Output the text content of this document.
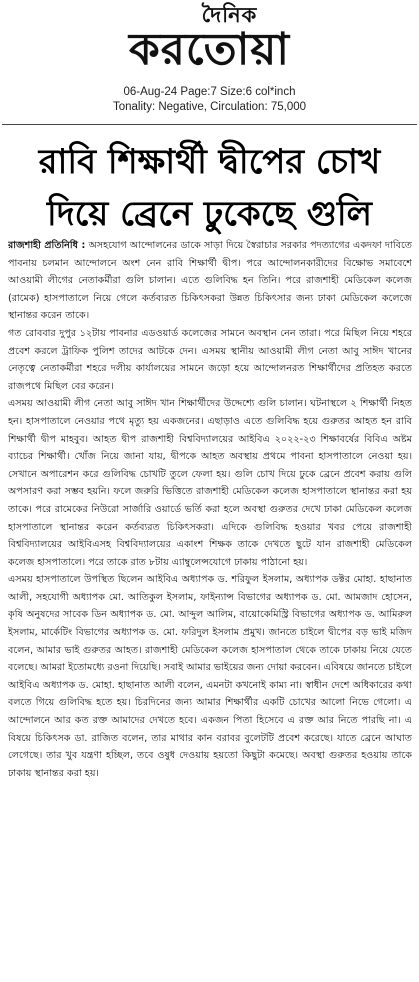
দৈনিক
করতোয়া
06-Aug-24 Page:7 Size:6 col*inch
Tonality: Negative, Circulation: 75,000
রাবি শিক্ষার্থী দ্বীপের চোখ
দিয়ে ব্রেনে ঢুকেছে গুলি

রাজশাহী প্রতিনিধি : অসহযোগ আন্দোলনের ডাকে সাড়া দিয়ে স্বৈরাচার সরকার পদত্যাগের একদফা দাবিতে পাবনায় চলমান আন্দোলনে অংশ নেন রাবি শিক্ষার্থী দ্বীপ। পরে আন্দোলনকারীদের বিক্ষোভ সমাবেশে আওয়ামী লীগের নেতাকর্মীরা গুলি চালান। এতে গুলিবিদ্ধ হন তিনি। পরে রাজশাহী মেডিকেল কলেজ (রামেক) হাসপাতালে নিয়ে গেলে কর্তব্যরত চিকিৎসকরা উন্নত চিকিৎসার জন্য ঢাকা মেডিকেল কলেজে স্থানান্তর করেন তাকে।

গত রোববার দুপুর ১২টায় পাবনার এডওয়ার্ড কলেজের সামনে অবস্থান নেন তারা। পরে মিছিল নিয়ে শহরে প্রবেশ করলে ট্রাফিক পুলিশ তাদের আটকে দেন। এসময় স্থানীয় আওয়ামী লীগ নেতা আবু সাঈদ খানের নেতৃত্বে নেতাকর্মীরা শহরে দলীয় কার্যালয়ের সামনে জড়ো হয়ে আন্দোলনরত শিক্ষার্থীদের প্রতিহত করতে রাজপথে মিছিল বের করেন।

এসময় আওয়ামী লীগ নেতা আবু সাঈদ খান শিক্ষার্থীদের উদ্দেশ্যে গুলি চালান। ঘটনাস্থলে ২ শিক্ষার্থী নিহত হন। হাসপাতালে নেওয়ার পথে মৃত্যু হয় একজনের। এছাড়াও এতে গুলিবিদ্ধ হয়ে গুরুতর আহত হন রাবি শিক্ষার্থী দ্বীপ মাহবুব। আহত দ্বীপ রাজশাহী বিশ্ববিদ্যালয়ের আইবিএ ২০২২-২৩ শিক্ষাবর্ষের বিবিএ অষ্টম ব্যাচের শিক্ষার্থী। খোঁজ নিয়ে জানা যায়, দ্বীপকে আহত অবস্থায় প্রথমে পাবনা হাসপাতালে নেওয়া হয়। সেখানে অপারেশন করে গুলিবিদ্ধ চোখটি তুলে ফেলা হয়। গুলি চোখ দিয়ে ঢুকে ব্রেনে প্রবেশ করায় গুলি অপসারণ করা সম্ভব হয়নি। ফলে জরুরি ভিত্তিতে রাজশাহী মেডিকেল কলেজ হাসপাতালে স্থানান্তর করা হয় তাকে। পরে রামেকের নিউরো সার্জারি ওয়ার্ডে ভর্তি করা হলে অবস্থা গুরুতর দেখে ঢাকা মেডিকেল কলেজ হাসপাতালে স্থানান্তর করেন কর্তব্যরত চিকিৎসকরা। এদিকে গুলিবিদ্ধ হওয়ার খবর পেয়ে রাজশাহী বিশ্ববিদ্যালয়ের আইবিএসহ বিশ্ববিদ্যালয়ের একাংশ শিক্ষক তাকে দেখতে ছুটে যান রাজশাহী মেডিকেল কলেজ হাসপাতালে। পরে তাকে রাত ৮টায় এ্যাম্বুলেন্সযোগে ঢাকায় পাঠানো হয়।

এসময় হাসপাতালে উপস্থিত ছিলেন আইবিএ অধ্যাপক ড. শরিফুল ইসলাম, অধ্যাপক ডক্টর মোহা. হাছানাত আলী, সহযোগী অধ্যাপক মো. আতিকুল ইসলাম, ফাইন্যান্স বিভাগের অধ্যাপক ড. মো. আমজাদ হোসেন, কৃষি অনুষদের সাবেক ডিন অধ্যাপক ড. মো. আব্দুল আলিম, বায়োকেমিস্ট্রি বিভাগের অধ্যাপক ড. আমিরুল ইসলাম, মার্কেটিং বিভাগের অধ্যাপক ড. মো. ফরিদুল ইসলাম প্রমুখ। জানতে চাইলে দ্বীপের বড় ভাই মজিদ বলেন, আমার ভাই গুরুতর আহত। রাজশাহী মেডিকেল কলেজ হাসপাতাল থেকে তাকে ঢাকায় নিয়ে যেতে বলেছে। আমরা ইতোমধ্যে রওনা দিয়েছি। সবাই আমার ভাইয়ের জন্য দোয়া করবেন। এবিষয়ে জানতে চাইলে আইবিএ অধ্যাপক ড. মোহা. হাছানাত আলী বলেন, এমনটা কখনোই কাম্য না। স্বাধীন দেশে অধিকারের কথা বলতে গিয়ে গুলিবিদ্ধ হতে হয়। চিরদিনের জন্য আমার শিক্ষার্থীর একটি চোখের আলো নিভে গেলো। এ আন্দোলনে আর কত রক্ত আমাদের দেখতে হবে। একজন পিতা হিসেবে এ রক্ত আর নিতে পারছি না। এ বিষয়ে চিকিৎসক ডা. রাজিত বলেন, তার মাথার কান বরাবর বুলেটটি প্রবেশ করেছে। যাতে ব্রেনে আঘাত লেগেছে। তার খুব যন্ত্রণা হচ্ছিল, তবে ওষুধ দেওয়ায় হয়তো কিছুটা কমেছে। অবস্থা গুরুতর হওয়ায় তাকে ঢাকায় স্থানান্তর করা হয়।
